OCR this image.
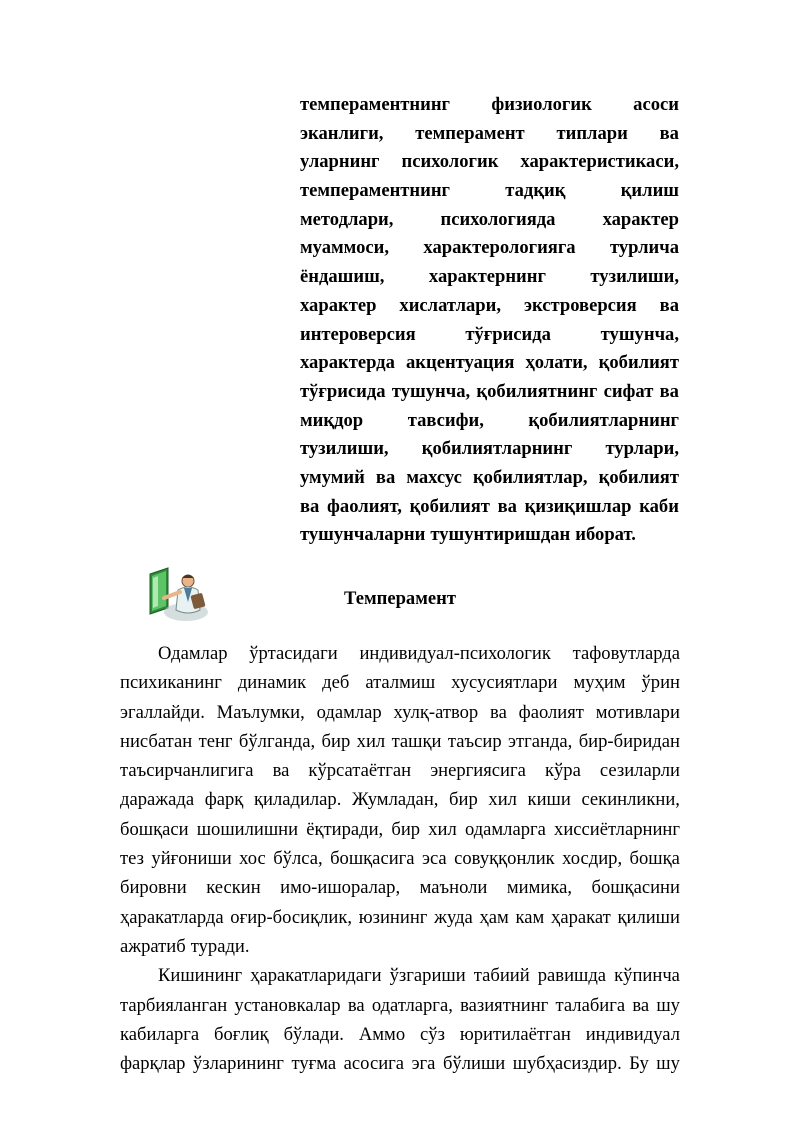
темпераментнинг физиологик асоси
эканлиги, темперамент типлари ва
уларнинг психологик характеристикаси,
темпераментнинг	тадқиқ	қилиш
методлари,	психологияда	характер
муаммоси, характерологияга турлича
ёндашиш, характернинг тузилиши,
характер хислатлари, экстроверсия ва
интероверсия	тўғрисида	тушунча,
характерда акцентуация ҳолати, қобилият
тўғрисида тушунча, қобилиятнинг сифат ва
миқдор тавсифи, қобилиятларнинг
тузилиши, қобилиятларнинг турлари,
умумий ва махсус қобилиятлар, қобилият
ва фаолият, қобилият ва қизиқишлар каби
тушунчаларни тушунтиришдан иборат.
Темперамент
Одамлар ўртасидаги индивидуал-психологик тафовутларда
психиканинг динамик деб аталмиш хусусиятлари муҳим ўрин
эгаллайди. Маълумки, одамлар хулқ-атвор ва фаолият мотивлари
нисбатан тенг бўлганда, бир хил ташқи таъсир этганда, бир-биридан
таъсирчанлигига ва кўрсатаётган энергиясига кўра сезиларли
даражада фарқ қиладилар. Жумладан, бир хил киши секинликни,
бошқаси шошилишни ёқтиради, бир хил одамларга хиссиётларнинг
тез уйғониши хос бўлса, бошқасига эса совуққонлик хосдир, бошқа
бировни кескин имо-ишоралар, маъноли мимика, бошқасини
ҳаракатларда оғир-босиқлик, юзининг жуда ҳам кам ҳаракат қилиши
ажратиб туради.
Кишининг ҳаракатларидаги ўзгариши табиий равишда кўпинча
тарбияланган установкалар ва одатларга, вазиятнинг талабига ва шу
кабиларга боғлиқ бўлади. Аммо сўз юритилаётган индивидуал
фарқлар ўзларининг туғма асосига эга бўлиши шубҳасиздир. Бу шу
